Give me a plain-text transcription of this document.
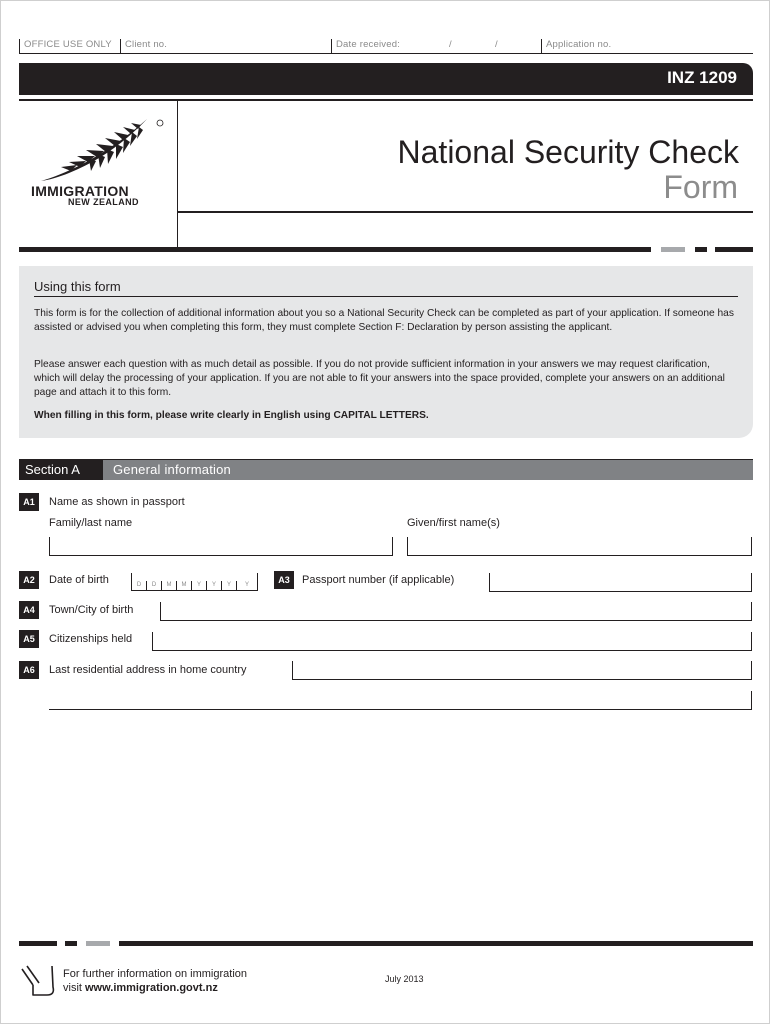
OFFICE USE ONLY	Client no.	Date received:	/	/	Application no.
INZ 1209
IMMIGRATION
NEW ZEALAND
National Security Check
Form
Using this form
This form is for the collection of additional information about you so a National Security Check can be completed as part of your application. If someone has assisted or advised you when completing this form, they must complete Section F: Declaration by person assisting the applicant.
Please answer each question with as much detail as possible. If you do not provide sufficient information in your answers we may request clarification, which will delay the processing of your application. If you are not able to fit your answers into the space provided, complete your answers on an additional page and attach it to this form.
When filling in this form, please write clearly in English using CAPITAL LETTERS.
Section A	General information
A1	Name as shown in passport
Family/last name	Given/first name(s)
A2	Date of birth	D	D	M	M	Y	Y	Y	Y	A3	Passport number (if applicable)
A4	Town/City of birth
A5	Citizenships held
A6	Last residential address in home country
For further information on immigration
visit www.immigration.govt.nz
July 2013
